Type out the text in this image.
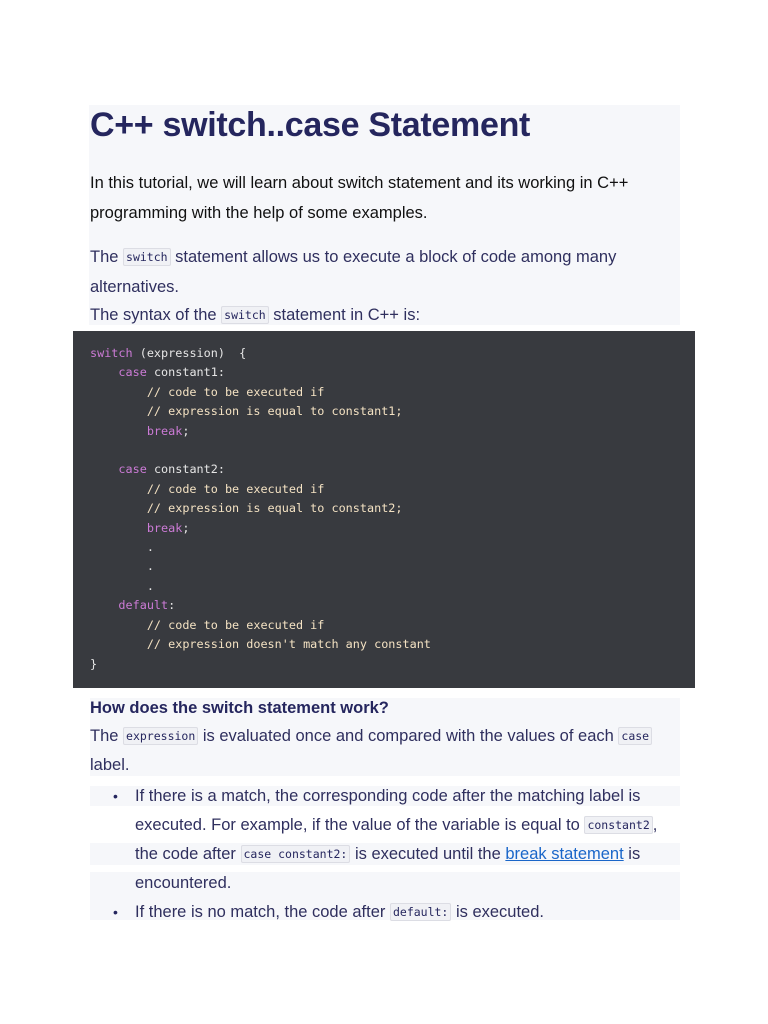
C++ switch..case Statement

In this tutorial, we will learn about switch statement and its working in C++ programming with the help of some examples.

The switch statement allows us to execute a block of code among many alternatives.

The syntax of the switch statement in C++ is:

switch (expression)  {
case constant1:
// code to be executed if
// expression is equal to constant1;
break;

case constant2:
// code to be executed if
// expression is equal to constant2;
break;
.
.
.
default:
// code to be executed if
// expression doesn't match any constant
}

How does the switch statement work?

The expression is evaluated once and compared with the values of each case label.

• If there is a match, the corresponding code after the matching label is executed. For example, if the value of the variable is equal to constant2 , the code after case constant2: is executed until the break statement is encountered.
• If there is no match, the code after default: is executed.
